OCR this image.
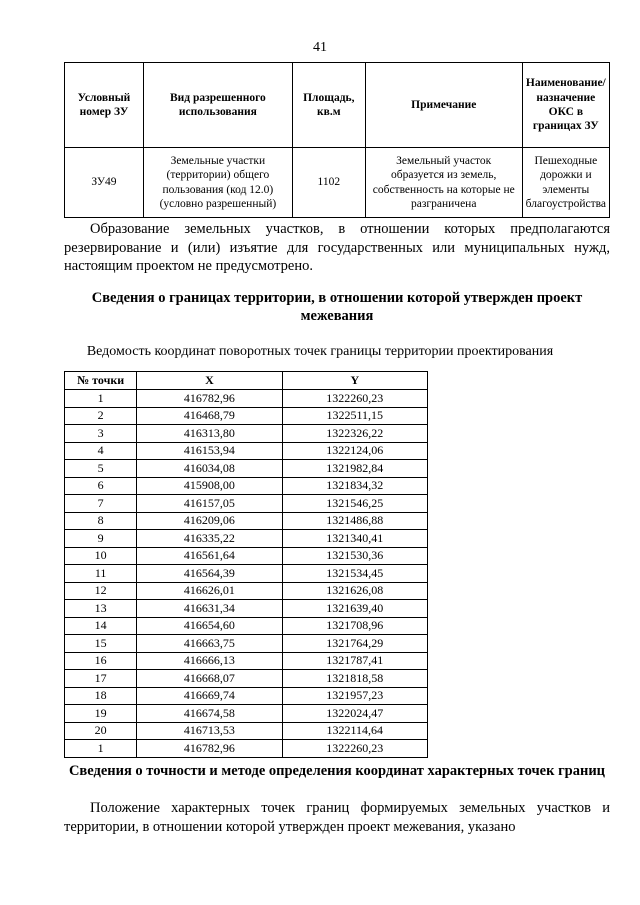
41
Условный номер ЗУ	Вид разрешенного использования	Площадь, кв.м	Примечание	Наименование/ назначение ОКС в границах ЗУ
ЗУ49	Земельные участки (территории) общего пользования (код 12.0) (условно разрешенный)	1102	Земельный участок образуется из земель, собственность на которые не разграничена	Пешеходные дорожки и элементы благоустройства
Образование земельных участков, в отношении которых предполагаются резервирование и (или) изъятие для государственных или муниципальных нужд, настоящим проектом не предусмотрено.
Сведения о границах территории, в отношении которой утвержден проект межевания
Ведомость координат поворотных точек границы территории проектирования
№ точки	X	Y
1	416782,96	1322260,23
2	416468,79	1322511,15
3	416313,80	1322326,22
4	416153,94	1322124,06
5	416034,08	1321982,84
6	415908,00	1321834,32
7	416157,05	1321546,25
8	416209,06	1321486,88
9	416335,22	1321340,41
10	416561,64	1321530,36
11	416564,39	1321534,45
12	416626,01	1321626,08
13	416631,34	1321639,40
14	416654,60	1321708,96
15	416663,75	1321764,29
16	416666,13	1321787,41
17	416668,07	1321818,58
18	416669,74	1321957,23
19	416674,58	1322024,47
20	416713,53	1322114,64
1	416782,96	1322260,23
Сведения о точности и методе определения координат характерных точек границ
Положение характерных точек границ формируемых земельных участков и территории, в отношении которой утвержден проект межевания, указано
